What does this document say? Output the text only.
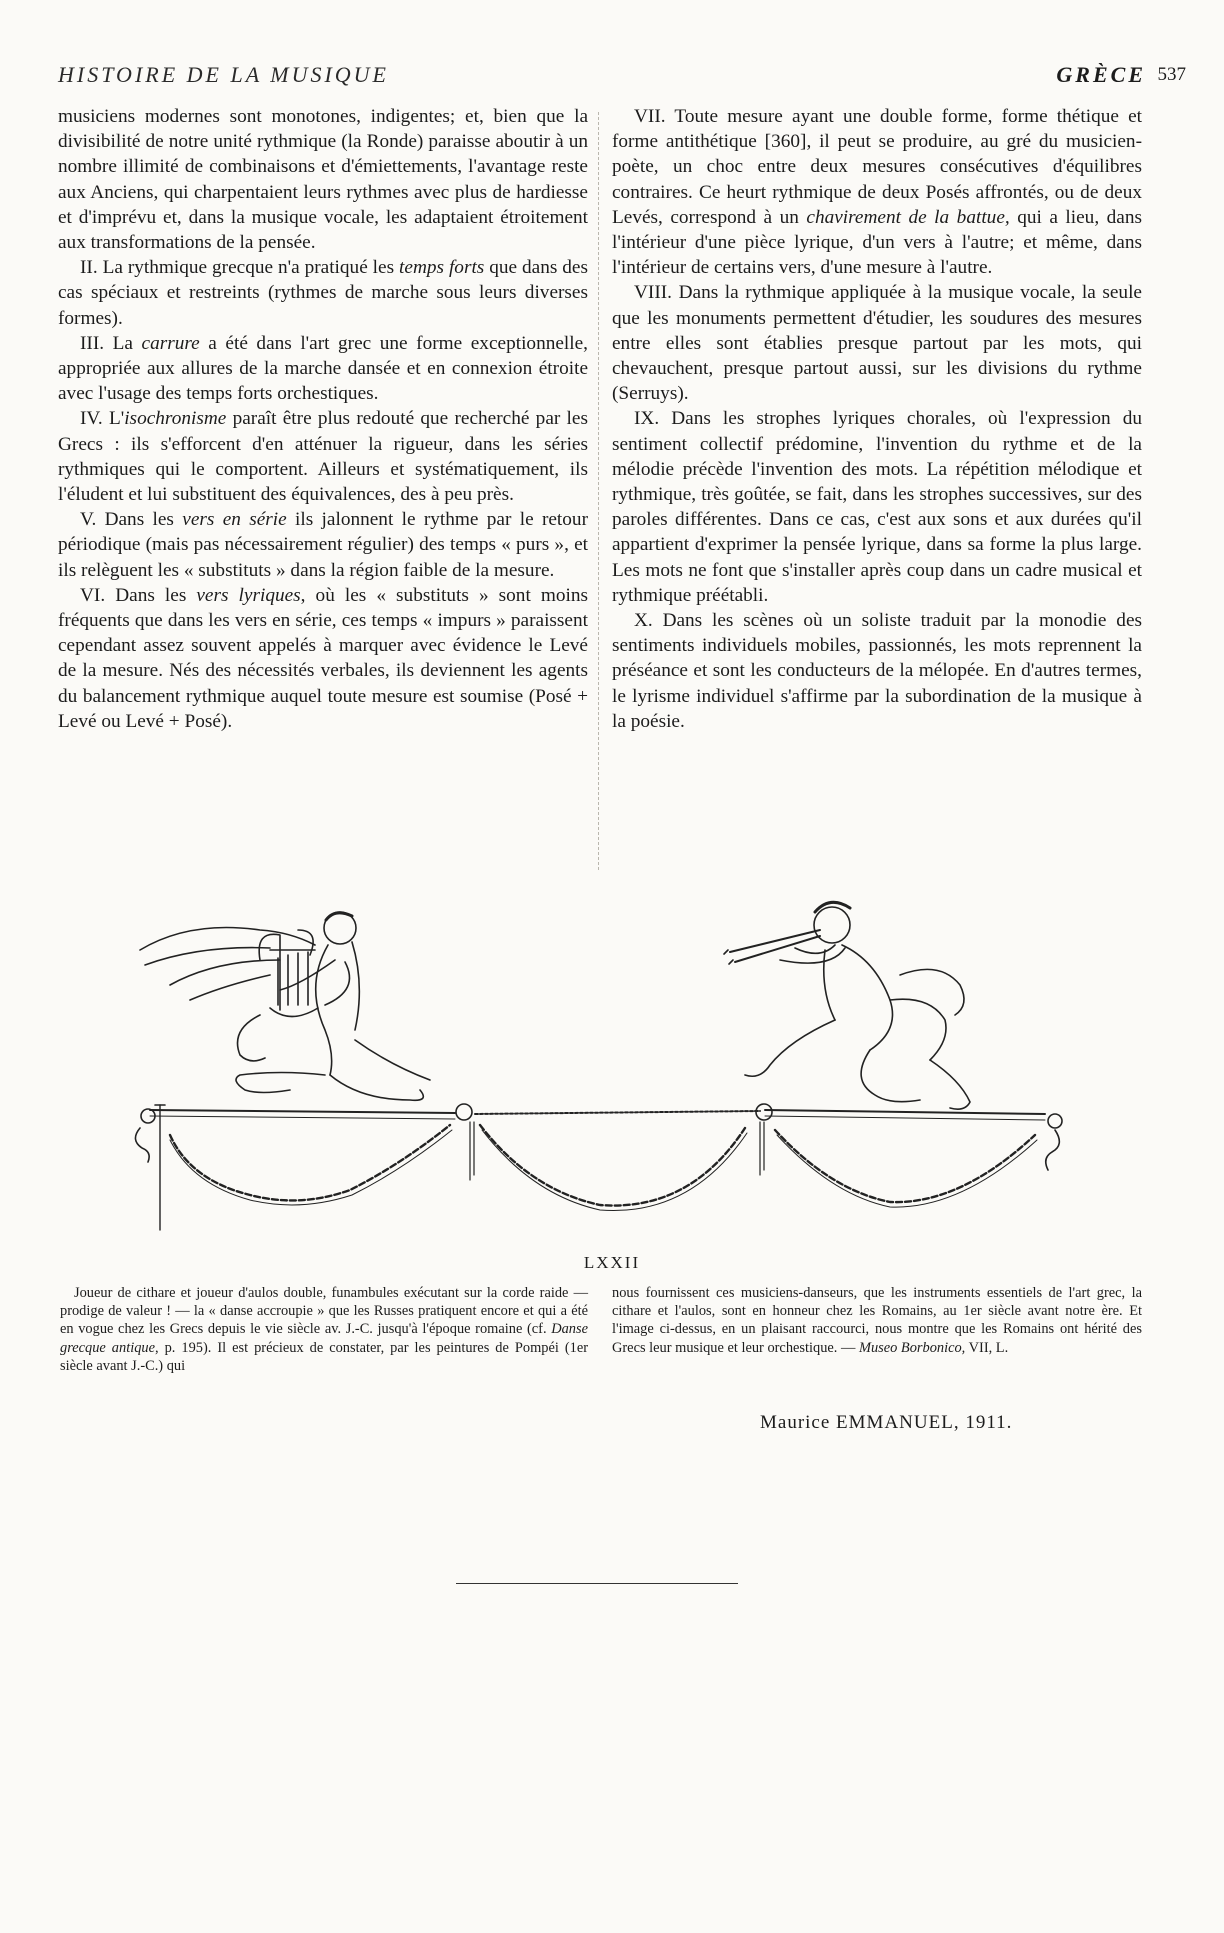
HISTOIRE DE LA MUSIQUE	GRÈCE 537

musiciens modernes sont monotones, indigentes; et, bien que la divisibilité de notre unité rythmique (la Ronde) paraisse aboutir à un nombre illimité de combinaisons et d'émiettements, l'avantage reste aux Anciens, qui charpentaient leurs rythmes avec plus de hardiesse et d'imprévu et, dans la musique vocale, les adaptaient étroitement aux transformations de la pensée.

II. La rythmique grecque n'a pratiqué les temps forts que dans des cas spéciaux et restreints (rythmes de marche sous leurs diverses formes).

III. La carrure a été dans l'art grec une forme exceptionnelle, appropriée aux allures de la marche dansée et en connexion étroite avec l'usage des temps forts orchestiques.

IV. L'isochronisme paraît être plus redouté que recherché par les Grecs : ils s'efforcent d'en atténuer la rigueur, dans les séries rythmiques qui le comportent. Ailleurs et systématiquement, ils l'éludent et lui substituent des équivalences, des à peu près.

V. Dans les vers en série ils jalonnent le rythme par le retour périodique (mais pas nécessairement régulier) des temps « purs », et ils relèguent les « substituts » dans la région faible de la mesure.

VI. Dans les vers lyriques, où les « substituts » sont moins fréquents que dans les vers en série, ces temps « impurs » paraissent cependant assez souvent appelés à marquer avec évidence le Levé de la mesure. Nés des nécessités verbales, ils deviennent les agents du balancement rythmique auquel toute mesure est soumise (Posé + Levé ou Levé + Posé).

VII. Toute mesure ayant une double forme, forme thétique et forme antithétique [360], il peut se produire, au gré du musicien-poète, un choc entre deux mesures consécutives d'équilibres contraires. Ce heurt rythmique de deux Posés affrontés, ou de deux Levés, correspond à un chavirement de la battue, qui a lieu, dans l'intérieur d'une pièce lyrique, d'un vers à l'autre; et même, dans l'intérieur de certains vers, d'une mesure à l'autre.

VIII. Dans la rythmique appliquée à la musique vocale, la seule que les monuments permettent d'étudier, les soudures des mesures entre elles sont établies presque partout par les mots, qui chevauchent, presque partout aussi, sur les divisions du rythme (Serruys).

IX. Dans les strophes lyriques chorales, où l'expression du sentiment collectif prédomine, l'invention du rythme et de la mélodie précède l'invention des mots. La répétition mélodique et rythmique, très goûtée, se fait, dans les strophes successives, sur des paroles différentes. Dans ce cas, c'est aux sons et aux durées qu'il appartient d'exprimer la pensée lyrique, dans sa forme la plus large. Les mots ne font que s'installer après coup dans un cadre musical et rythmique préétabli.

X. Dans les scènes où un soliste traduit par la monodie des sentiments individuels mobiles, passionnés, les mots reprennent la préséance et sont les conducteurs de la mélopée. En d'autres termes, le lyrisme individuel s'affirme par la subordination de la musique à la poésie.

LXXII

Joueur de cithare et joueur d'aulos double, funambules exécutant sur la corde raide — prodige de valeur ! — la « danse accroupie » que les Russes pratiquent encore et qui a été en vogue chez les Grecs depuis le vie siècle av. J.-C. jusqu'à l'époque romaine (cf. Danse grecque antique, p. 195). Il est précieux de constater, par les peintures de Pompéi (1er siècle avant J.-C.) qui

nous fournissent ces musiciens-danseurs, que les instruments essentiels de l'art grec, la cithare et l'aulos, sont en honneur chez les Romains, au 1er siècle avant notre ère. Et l'image ci-dessus, en un plaisant raccourci, nous montre que les Romains ont hérité des Grecs leur musique et leur orchestique. — Museo Borbonico, VII, L.

Maurice EMMANUEL, 1911.
